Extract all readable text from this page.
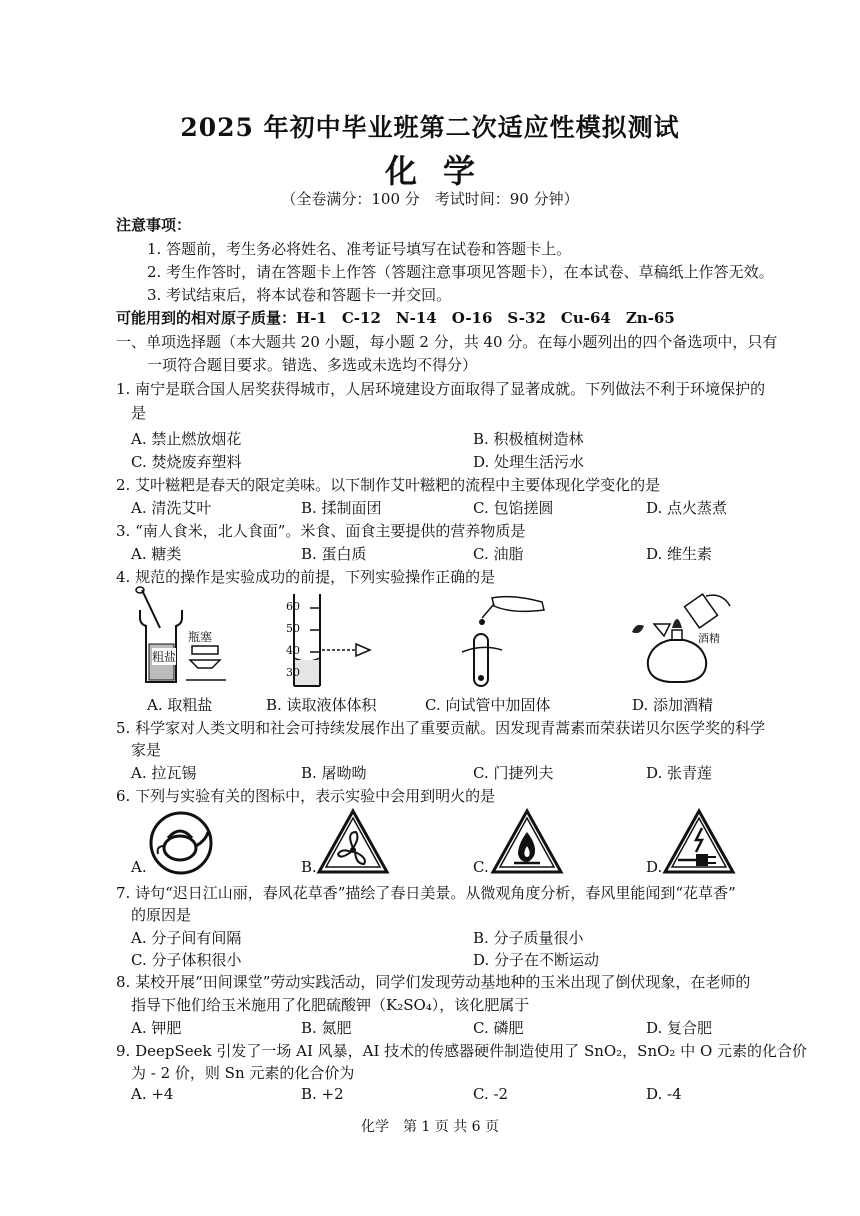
2025 年初中毕业班第二次适应性模拟测试
化学
（全卷满分：100 分　考试时间：90 分钟）
注意事项：
1. 答题前，考生务必将姓名、准考证号填写在试卷和答题卡上。
2. 考生作答时，请在答题卡上作答（答题注意事项见答题卡），在本试卷、草稿纸上作答无效。
3. 考试结束后，将本试卷和答题卡一并交回。
可能用到的相对原子质量：H-1　C-12　N-14　O-16　S-32　Cu-64　Zn-65
一、单项选择题（本大题共 20 小题，每小题 2 分，共 40 分。在每小题列出的四个备选项中，只有
一项符合题目要求。错选、多选或未选均不得分）
1. 南宁是联合国人居奖获得城市，人居环境建设方面取得了显著成就。下列做法不利于环境保护的
是
A. 禁止燃放烟花	B. 积极植树造林
C. 焚烧废弃塑料	D. 处理生活污水
2. 艾叶糍粑是春天的限定美味。以下制作艾叶糍粑的流程中主要体现化学变化的是
A. 清洗艾叶	B. 揉制面团	C. 包馅搓圆	D. 点火蒸煮
3. “南人食米，北人食面”。米食、面食主要提供的营养物质是
A. 糖类	B. 蛋白质	C. 油脂	D. 维生素
4. 规范的操作是实验成功的前提，下列实验操作正确的是
瓶塞
粗盐
60
50
40
30
酒精
A. 取粗盐	B. 读取液体体积	C. 向试管中加固体	D. 添加酒精
5. 科学家对人类文明和社会可持续发展作出了重要贡献。因发现青蒿素而荣获诺贝尔医学奖的科学
家是
A. 拉瓦锡	B. 屠呦呦	C. 门捷列夫	D. 张青莲
6. 下列与实验有关的图标中，表示实验中会用到明火的是
A.	B.	C.	D.
7. 诗句“迟日江山丽，春风花草香”描绘了春日美景。从微观角度分析，春风里能闻到“花草香”
的原因是
A. 分子间有间隔	B. 分子质量很小
C. 分子体积很小	D. 分子在不断运动
8. 某校开展“田间课堂”劳动实践活动，同学们发现劳动基地种的玉米出现了倒伏现象，在老师的
指导下他们给玉米施用了化肥硫酸钾（K₂SO₄），该化肥属于
A. 钾肥	B. 氮肥	C. 磷肥	D. 复合肥
9. DeepSeek 引发了一场 AI 风暴，AI 技术的传感器硬件制造使用了 SnO₂，SnO₂ 中 O 元素的化合价
为 - 2 价，则 Sn 元素的化合价为
A. +4	B. +2	C. -2	D. -4
化学　第 1 页 共 6 页
